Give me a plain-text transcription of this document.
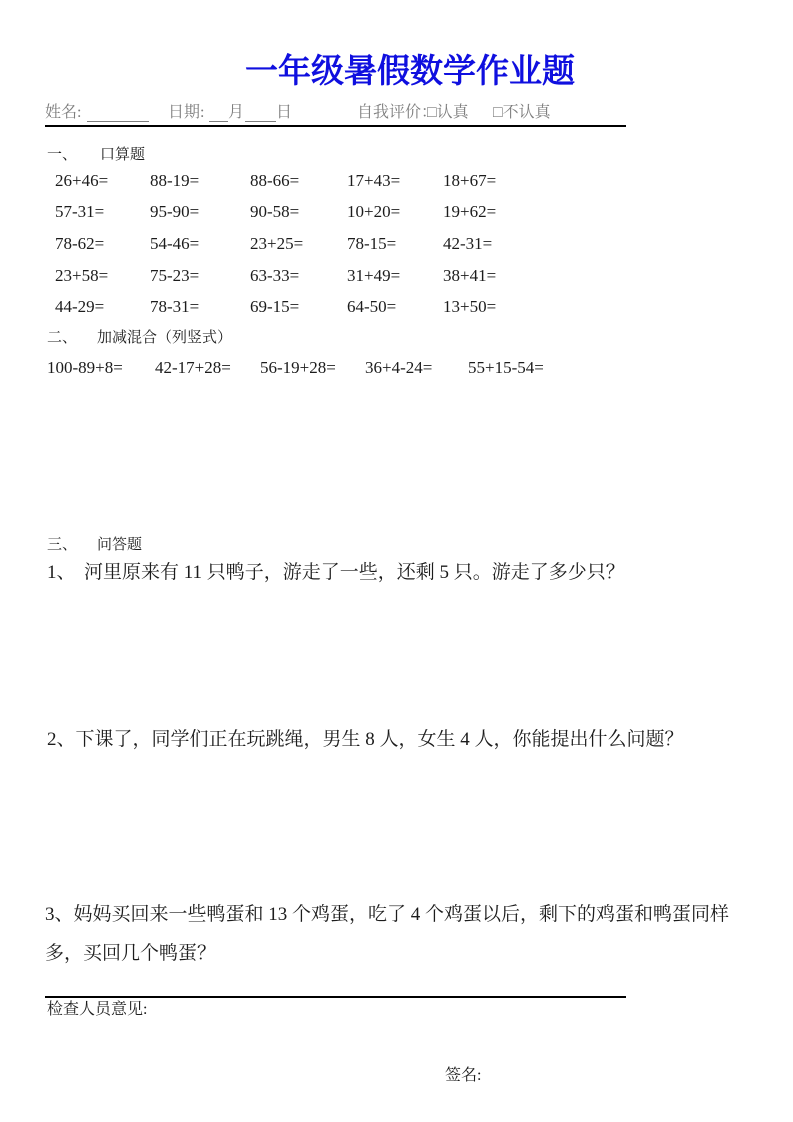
一年级暑假数学作业题
姓名:	日期: 月 日	自我评价：
□认真 □不认真
一、 口算题
26+46= 88-19=	88-66=	17+43=	18+67=
57-31=	95-90=	90-58=	10+20=	19+62=
78-62=	54-46=	23+25=	78-15=	42-31=
23+58= 75-23=	63-33=	31+49=	38+41=
44-29=	78-31=	69-15=	64-50=	13+50=
二、 加减混合（列竖式）
100-89+8= 42-17+28= 56-19+28= 36+4-24= 55+15-54=
三、 问答题
1、 河里原来有 11 只鸭子，游走了一些，还剩 5 只。游走了多少只？
2、下课了，同学们正在玩跳绳，男生 8 人，女生 4 人，你能提出什么问题？
3、妈妈买回来一些鸭蛋和 13 个鸡蛋，吃了 4 个鸡蛋以后，剩下的鸡蛋和鸭蛋同样多，买回几个鸭蛋？
检查人员意见:
签名:
